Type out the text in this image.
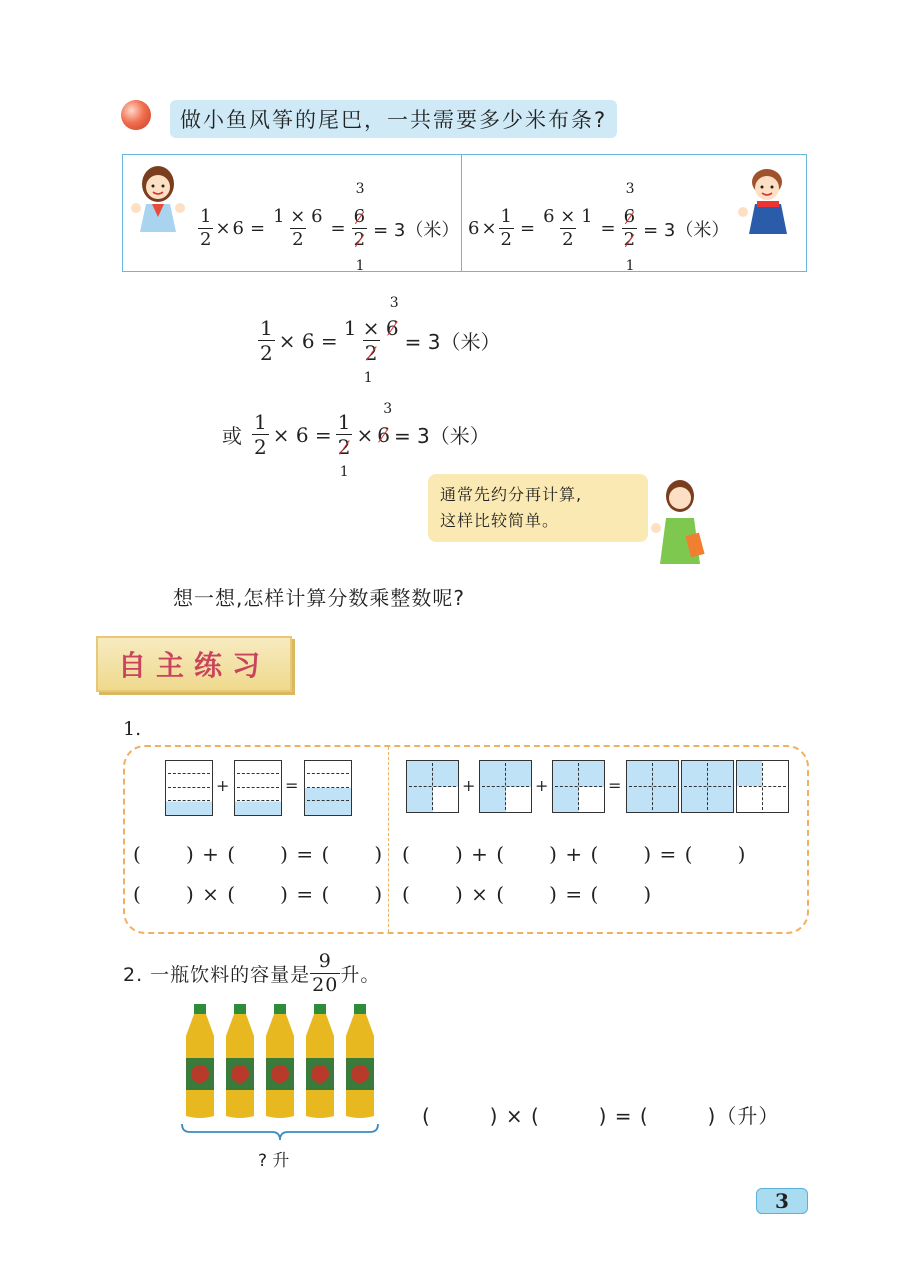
做小鱼风筝的尾巴，一共需要多少米布条?
$\frac{1}{2} \times 6 = \frac{1 \times 6}{2}$ =
3
6
2
1
= 3（米） $6 \times \frac{1}{2} = \frac{6 \times 1}{2}$ =
3
6
2
1
= 3（米）
$\frac{1}{2} \times 6$ =
3
1 × 6
2
1
= 3（米）
或 $\frac{1}{2} \times 6$ =
1
2
1
×
3
6 = 3（米）
通常先约分再计算,
这样比较简单。
想一想,怎样计算分数乘整数呢?
自主练习
1.
+	=	+	+	=
(      ) + (      ) = (      )
(      ) × (      ) = (      )
(      ) + (      ) + (      ) = (      )
(      ) × (      ) = (      )
2. 一瓶饮料的容量是 $\frac{9}{20}$ 升。
? 升
(        ) × (        ) = (        )（升）
3
